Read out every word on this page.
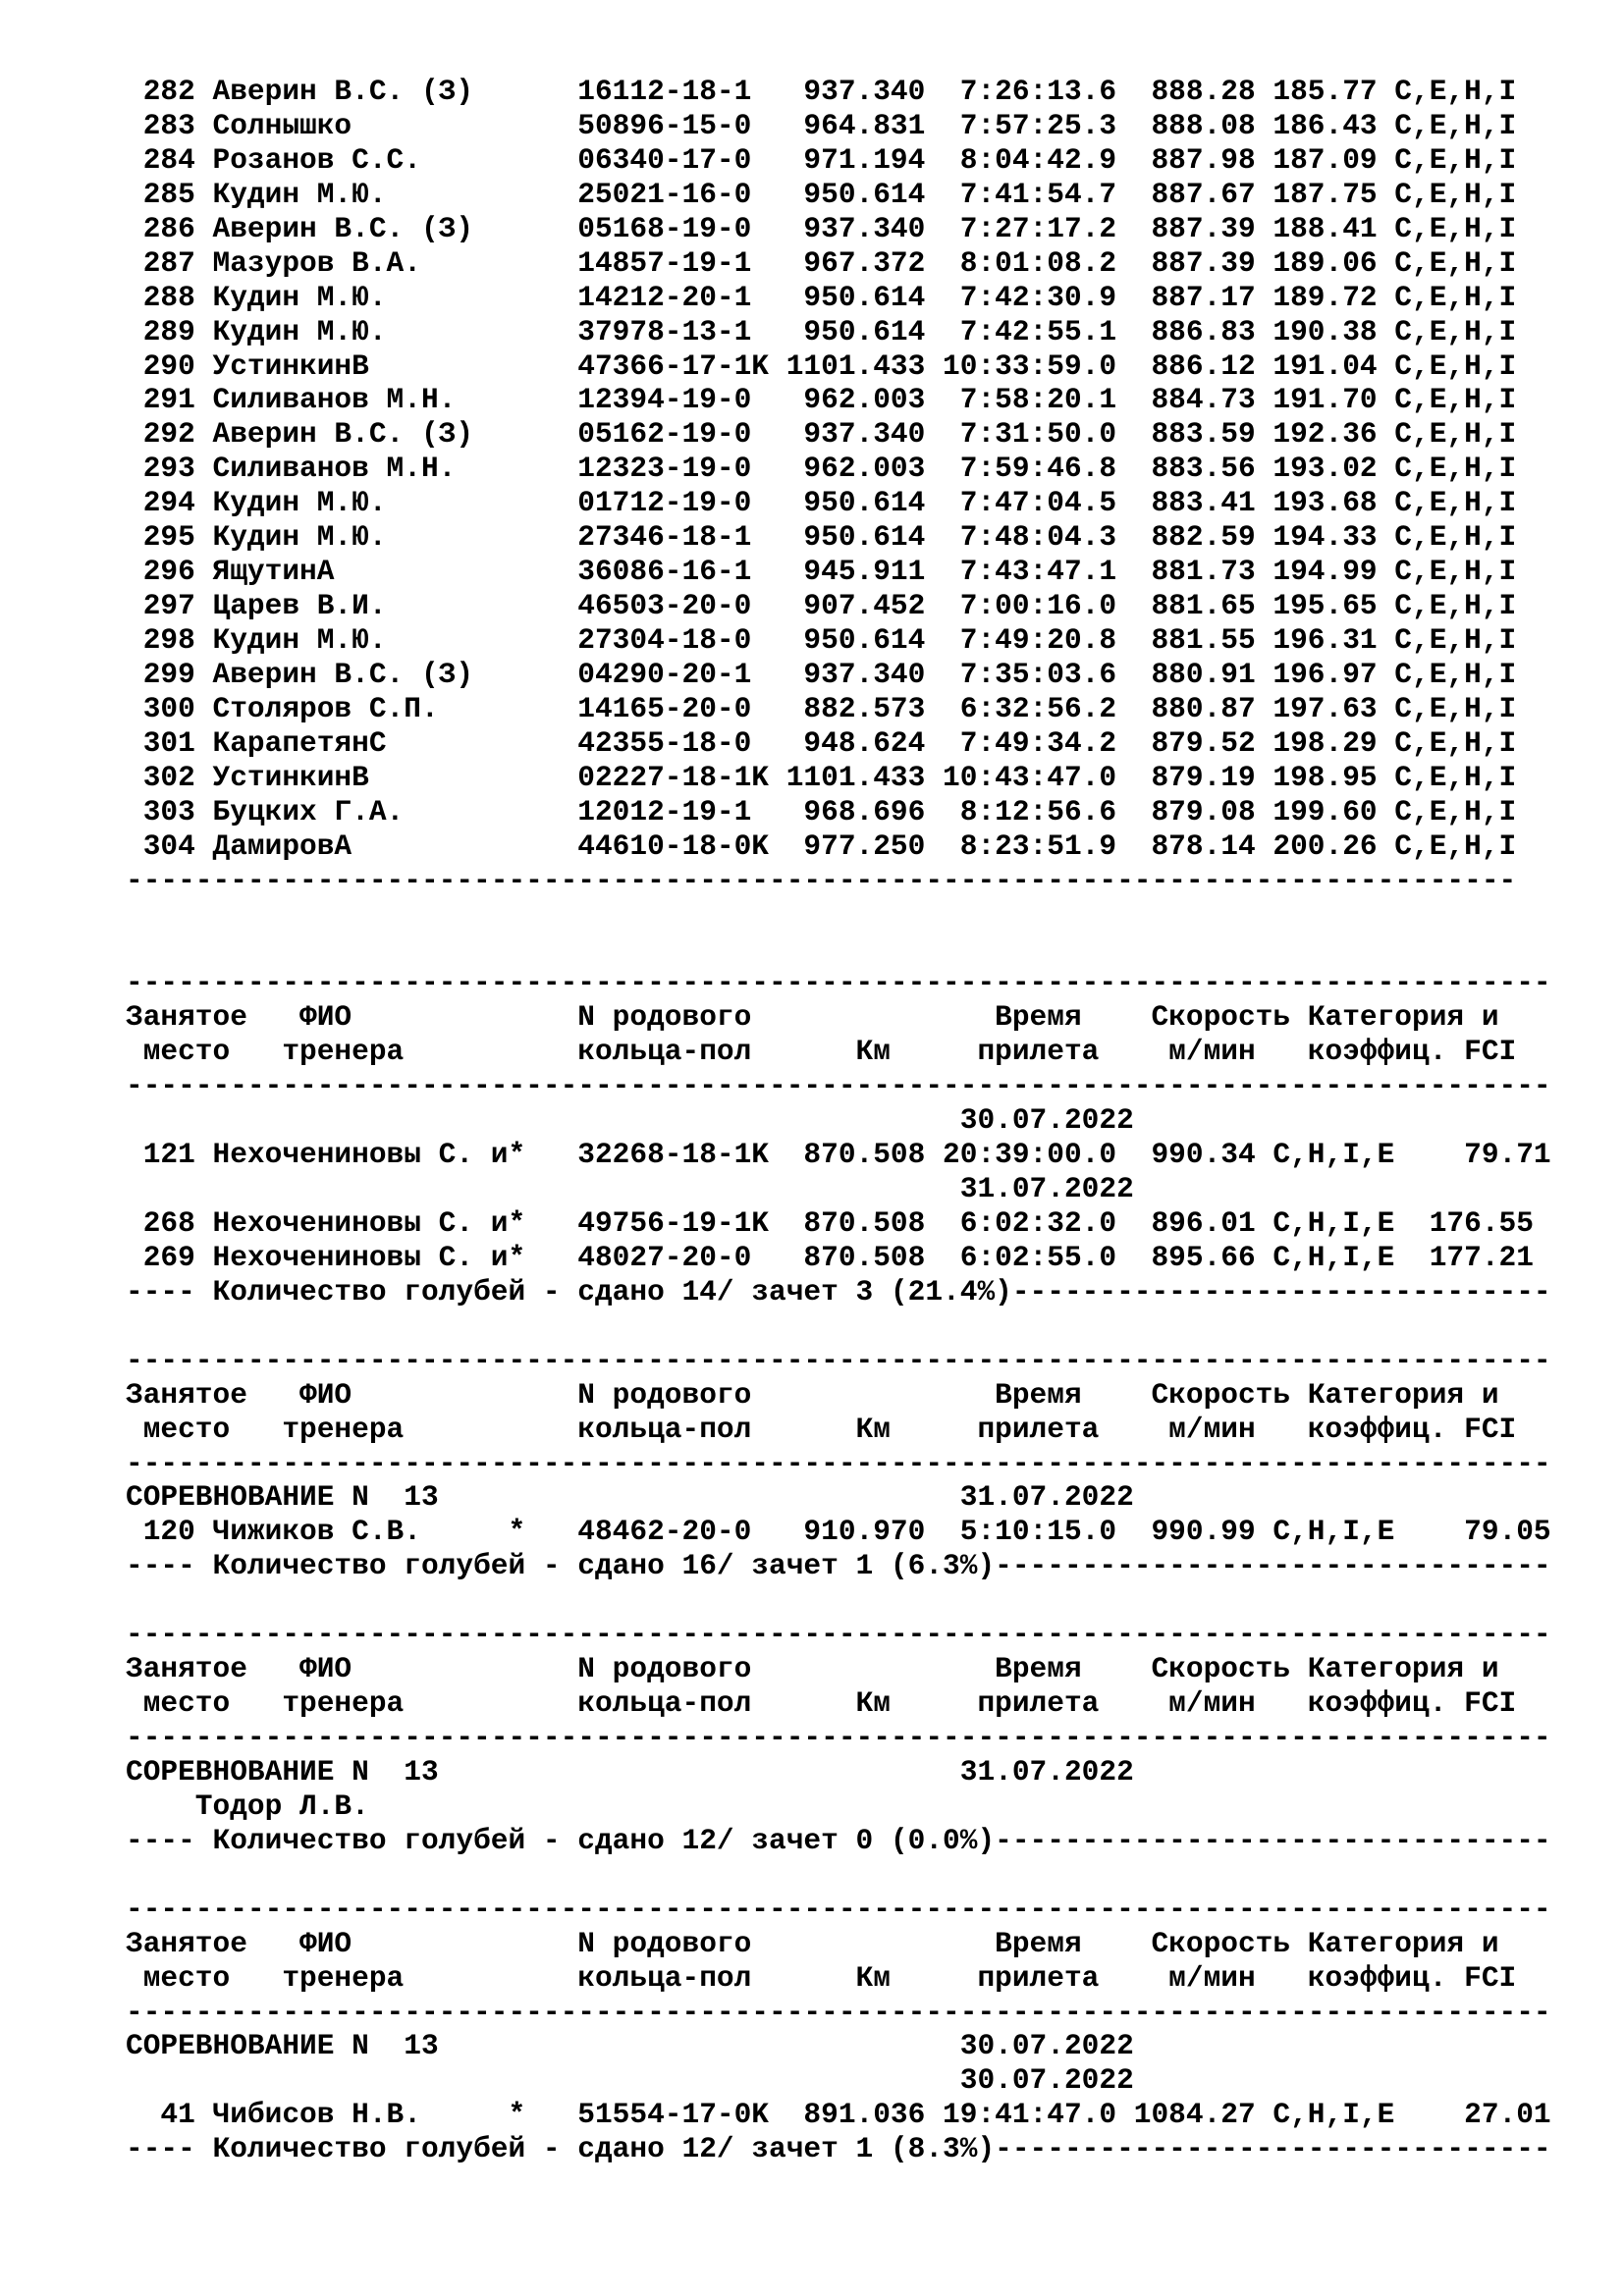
282 Аверин В.С. (З)      16112-18-1   937.340  7:26:13.6  888.28 185.77 C,E,H,I
283 Солнышко             50896-15-0   964.831  7:57:25.3  888.08 186.43 C,E,H,I
284 Розанов С.С.         06340-17-0   971.194  8:04:42.9  887.98 187.09 C,E,H,I
285 Кудин М.Ю.           25021-16-0   950.614  7:41:54.7  887.67 187.75 C,E,H,I
286 Аверин В.С. (З)      05168-19-0   937.340  7:27:17.2  887.39 188.41 C,E,H,I
287 Мазуров В.А.         14857-19-1   967.372  8:01:08.2  887.39 189.06 C,E,H,I
288 Кудин М.Ю.           14212-20-1   950.614  7:42:30.9  887.17 189.72 C,E,H,I
289 Кудин М.Ю.           37978-13-1   950.614  7:42:55.1  886.83 190.38 C,E,H,I
290 УстинкинВ            47366-17-1K 1101.433 10:33:59.0  886.12 191.04 C,E,H,I
291 Силиванов М.Н.       12394-19-0   962.003  7:58:20.1  884.73 191.70 C,E,H,I
292 Аверин В.С. (З)      05162-19-0   937.340  7:31:50.0  883.59 192.36 C,E,H,I
293 Силиванов М.Н.       12323-19-0   962.003  7:59:46.8  883.56 193.02 C,E,H,I
294 Кудин М.Ю.           01712-19-0   950.614  7:47:04.5  883.41 193.68 C,E,H,I
295 Кудин М.Ю.           27346-18-1   950.614  7:48:04.3  882.59 194.33 C,E,H,I
296 ЯщутинА              36086-16-1   945.911  7:43:47.1  881.73 194.99 C,E,H,I
297 Царев В.И.           46503-20-0   907.452  7:00:16.0  881.65 195.65 C,E,H,I
298 Кудин М.Ю.           27304-18-0   950.614  7:49:20.8  881.55 196.31 C,E,H,I
299 Аверин В.С. (З)      04290-20-1   937.340  7:35:03.6  880.91 196.97 C,E,H,I
300 Столяров С.П.        14165-20-0   882.573  6:32:56.2  880.87 197.63 C,E,H,I
301 КарапетянС           42355-18-0   948.624  7:49:34.2  879.52 198.29 C,E,H,I
302 УстинкинВ            02227-18-1K 1101.433 10:43:47.0  879.19 198.95 C,E,H,I
303 Буцких Г.А.          12012-19-1   968.696  8:12:56.6  879.08 199.60 C,E,H,I
304 ДамировА             44610-18-0K  977.250  8:23:51.9  878.14 200.26 C,E,H,I
--------------------------------------------------------------------------------
----------------------------------------------------------------------------------
Занятое   ФИО             N родового              Время    Скорость Категория и
место   тренера          кольца-пол      Км     прилета    м/мин   коэффиц. FCI
----------------------------------------------------------------------------------
30.07.2022
121 Нехочениновы С. и*   32268-18-1K  870.508 20:39:00.0  990.34 C,H,I,E    79.71
31.07.2022
268 Нехочениновы С. и*   49756-19-1K  870.508  6:02:32.0  896.01 C,H,I,E  176.55
269 Нехочениновы С. и*   48027-20-0   870.508  6:02:55.0  895.66 C,H,I,E  177.21
---- Количество голубей - сдано 14/ зачет 3 (21.4%)-------------------------------
----------------------------------------------------------------------------------
Занятое   ФИО             N родового              Время    Скорость Категория и
место   тренера          кольца-пол      Км     прилета    м/мин   коэффиц. FCI
----------------------------------------------------------------------------------
СОРЕВНОВАНИЕ N  13                              31.07.2022
120 Чижиков С.В.     *   48462-20-0   910.970  5:10:15.0  990.99 C,H,I,E    79.05
---- Количество голубей - сдано 16/ зачет 1 (6.3%)--------------------------------
----------------------------------------------------------------------------------
Занятое   ФИО             N родового              Время    Скорость Категория и
место   тренера          кольца-пол      Км     прилета    м/мин   коэффиц. FCI
----------------------------------------------------------------------------------
СОРЕВНОВАНИЕ N  13                              31.07.2022
Тодор Л.В.
---- Количество голубей - сдано 12/ зачет 0 (0.0%)--------------------------------
----------------------------------------------------------------------------------
Занятое   ФИО             N родового              Время    Скорость Категория и
место   тренера          кольца-пол      Км     прилета    м/мин   коэффиц. FCI
----------------------------------------------------------------------------------
СОРЕВНОВАНИЕ N  13                              30.07.2022
30.07.2022
41 Чибисов Н.В.     *   51554-17-0K  891.036 19:41:47.0 1084.27 C,H,I,E    27.01
---- Количество голубей - сдано 12/ зачет 1 (8.3%)--------------------------------
